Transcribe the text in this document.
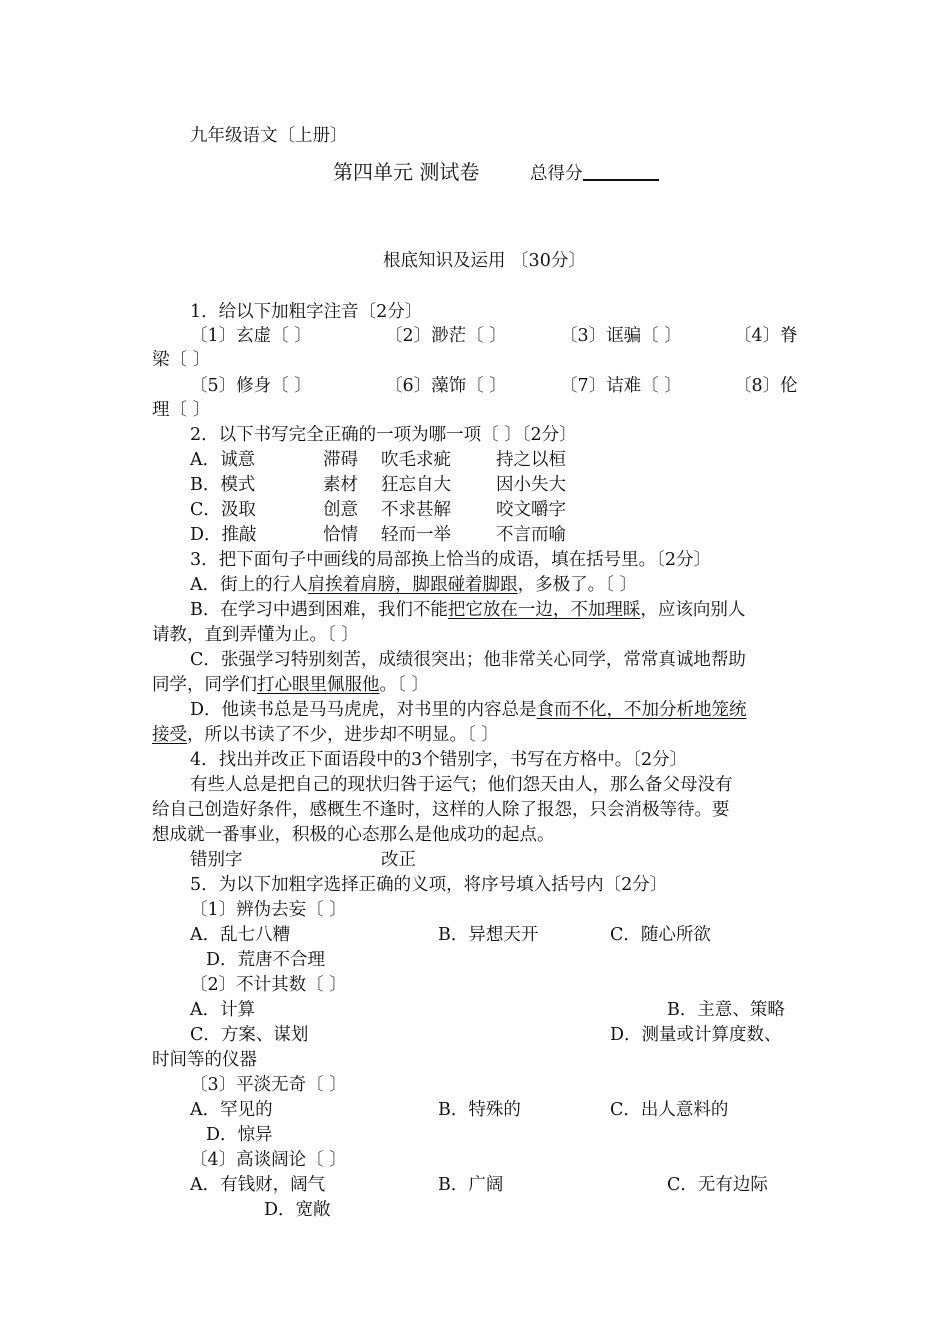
九年级语文〔上册〕
第四单元 测试卷	总得分
根底知识及运用 〔30分〕
1．给以下加粗字注音〔2分〕
〔1〕玄虚〔 〕	〔2〕渺茫〔 〕	〔3〕诓骗〔 〕	〔4〕脊
梁〔 〕
〔5〕修身〔 〕	〔6〕藻饰〔 〕	〔7〕诘难〔 〕	〔8〕伦
理〔 〕
2．以下书写完全正确的一项为哪一项〔 〕〔2分〕
A．诚意	滞碍 吹毛求疵	持之以桓
B．模式	素材 狂忘自大	因小失大
C．汲取	创意 不求甚解	咬文嚼字
D．推敲	恰情 轻而一举	不言而喻
3．把下面句子中画线的局部换上恰当的成语，填在括号里。〔2分〕
A．街上的行人肩挨着肩膀，脚跟碰着脚跟，多极了。〔 〕
B．在学习中遇到困难，我们不能把它放在一边，不加理睬，应该向别人
请教，直到弄懂为止。〔 〕
C．张强学习特别刻苦，成绩很突出；他非常关心同学，常常真诚地帮助
同学，同学们打心眼里佩服他。〔 〕
D．他读书总是马马虎虎，对书里的内容总是食而不化，不加分析地笼统
接受，所以书读了不少，进步却不明显。〔 〕
4．找出并改正下面语段中的3个错别字，书写在方格中。〔2分〕
有些人总是把自己的现状归咎于运气；他们怨天由人，那么备父母没有
给自己创造好条件，感概生不逢时，这样的人除了报怨，只会消极等待。要
想成就一番事业，积极的心态那么是他成功的起点。
错别字	改正
5．为以下加粗字选择正确的义项，将序号填入括号内〔2分〕
〔1〕辨伪去妄〔 〕
A．乱七八糟	B．异想天开	C．随心所欲
D．荒唐不合理
〔2〕不计其数〔 〕
A．计算	B．主意、策略
C．方案、谋划	D．测量或计算度数、
时间等的仪器
〔3〕平淡无奇〔 〕
A．罕见的	B．特殊的	C．出人意料的
D．惊异
〔4〕高谈阔论〔 〕
A．有钱财，阔气	B．广阔	C．无有边际
D．宽敞
